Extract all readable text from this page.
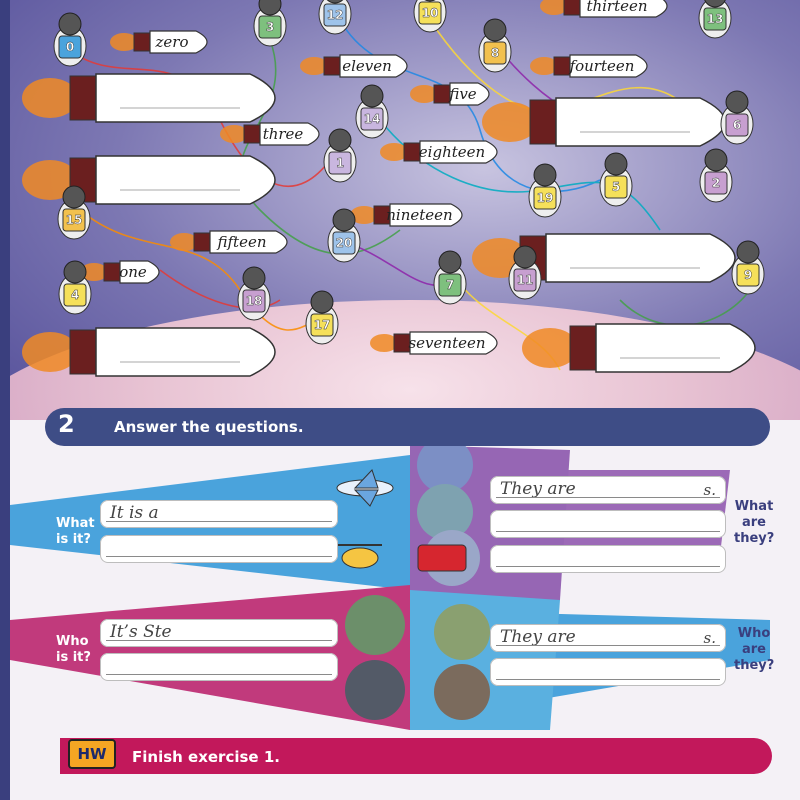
zero
thirteen
eleven	fourteen
five
three
eighteen
nineteen
fifteen
one
seventeen
0
3
12	10
8
13
14	6
1
19
5	2
15
20
7	11	9
4	18
17
2	Answer the questions.
What is it?
What are they?
Who is it?
Who are they?
It is a
They are	s.
It’s Ste	They are	s.
HW	Finish exercise 1.
